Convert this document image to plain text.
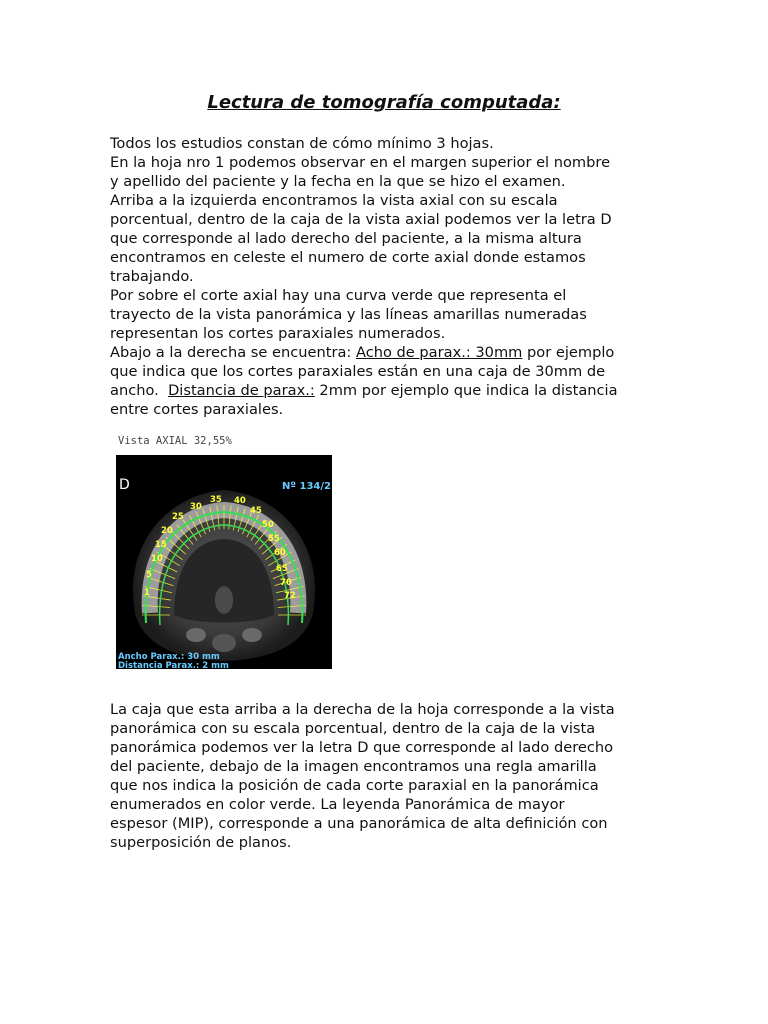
Lectura de tomografía computada:
Todos los estudios constan de cómo mínimo 3 hojas.
En la hoja nro 1 podemos observar en el margen superior el nombre
y apellido del paciente y la fecha en la que se hizo el examen.
Arriba a la izquierda encontramos la vista axial con su escala
porcentual, dentro de la caja de la vista axial podemos ver la letra D
que corresponde al lado derecho del paciente, a la misma altura
encontramos en celeste el numero de corte axial donde estamos
trabajando.
Por sobre el corte axial hay una curva verde que representa el
trayecto de la vista panorámica y las líneas amarillas numeradas
representan los cortes paraxiales numerados.
Abajo a la derecha se encuentra: Acho de parax.: 30mm por ejemplo
que indica que los cortes paraxiales están en una caja de 30mm de
ancho.  Distancia de parax.: 2mm por ejemplo que indica la distancia
entre cortes paraxiales.
Vista AXIAL 32,55%
D	Nº 134/2
35
30
25
20
15
10
5
1
40
45
50
55
60
65
70
72
Ancho Parax.: 30 mm
Distancia Parax.: 2 mm
La caja que esta arriba a la derecha de la hoja corresponde a la vista
panorámica con su escala porcentual, dentro de la caja de la vista
panorámica podemos ver la letra D que corresponde al lado derecho
del paciente, debajo de la imagen encontramos una regla amarilla
que nos indica la posición de cada corte paraxial en la panorámica
enumerados en color verde. La leyenda Panorámica de mayor
espesor (MIP), corresponde a una panorámica de alta definición con
superposición de planos.
